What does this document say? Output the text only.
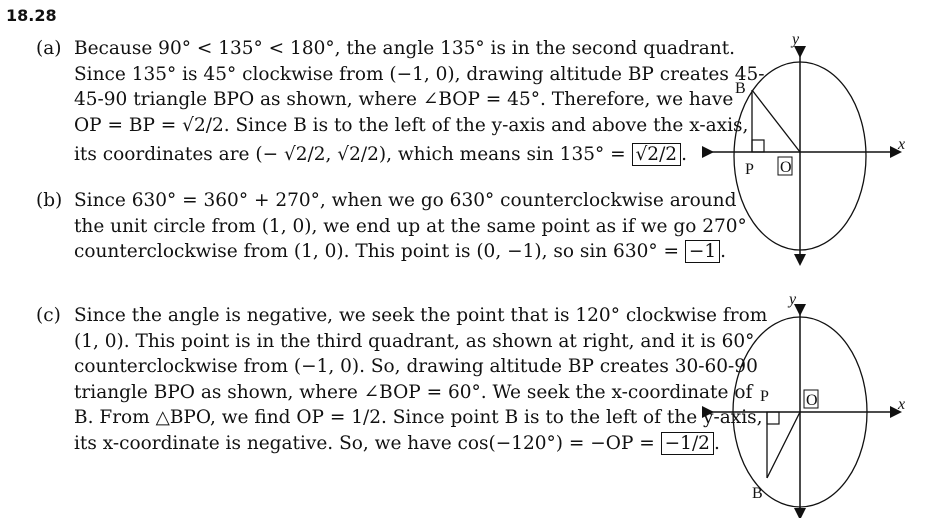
18.28
(a) Because 90° < 135° < 180°, the angle 135° is in the second quadrant.
Since 135° is 45° clockwise from (−1, 0), drawing altitude BP creates 45-
45-90 triangle BPO as shown, where ∠BOP = 45°. Therefore, we have
OP = BP = √2/2. Since B is to the left of the y-axis and above the x-axis,
its coordinates are (− √2/2, √2/2), which means sin 135° = √2/2 .
(b) Since 630° = 360° + 270°, when we go 630° counterclockwise around
the unit circle from (1, 0), we end up at the same point as if we go 270°
counterclockwise from (1, 0). This point is (0, −1), so sin 630° = −1 .
(c) Since the angle is negative, we seek the point that is 120° clockwise from
(1, 0). This point is in the third quadrant, as shown at right, and it is 60°
counterclockwise from (−1, 0). So, drawing altitude BP creates 30-60-90
triangle BPO as shown, where ∠BOP = 60°. We seek the x-coordinate of
B. From △BPO, we find OP = 1/2. Since point B is to the left of the y-axis,
its x-coordinate is negative. So, we have cos(−120°) = −OP = −1/2 .
y
x
B
P O
y
x
P O
B
